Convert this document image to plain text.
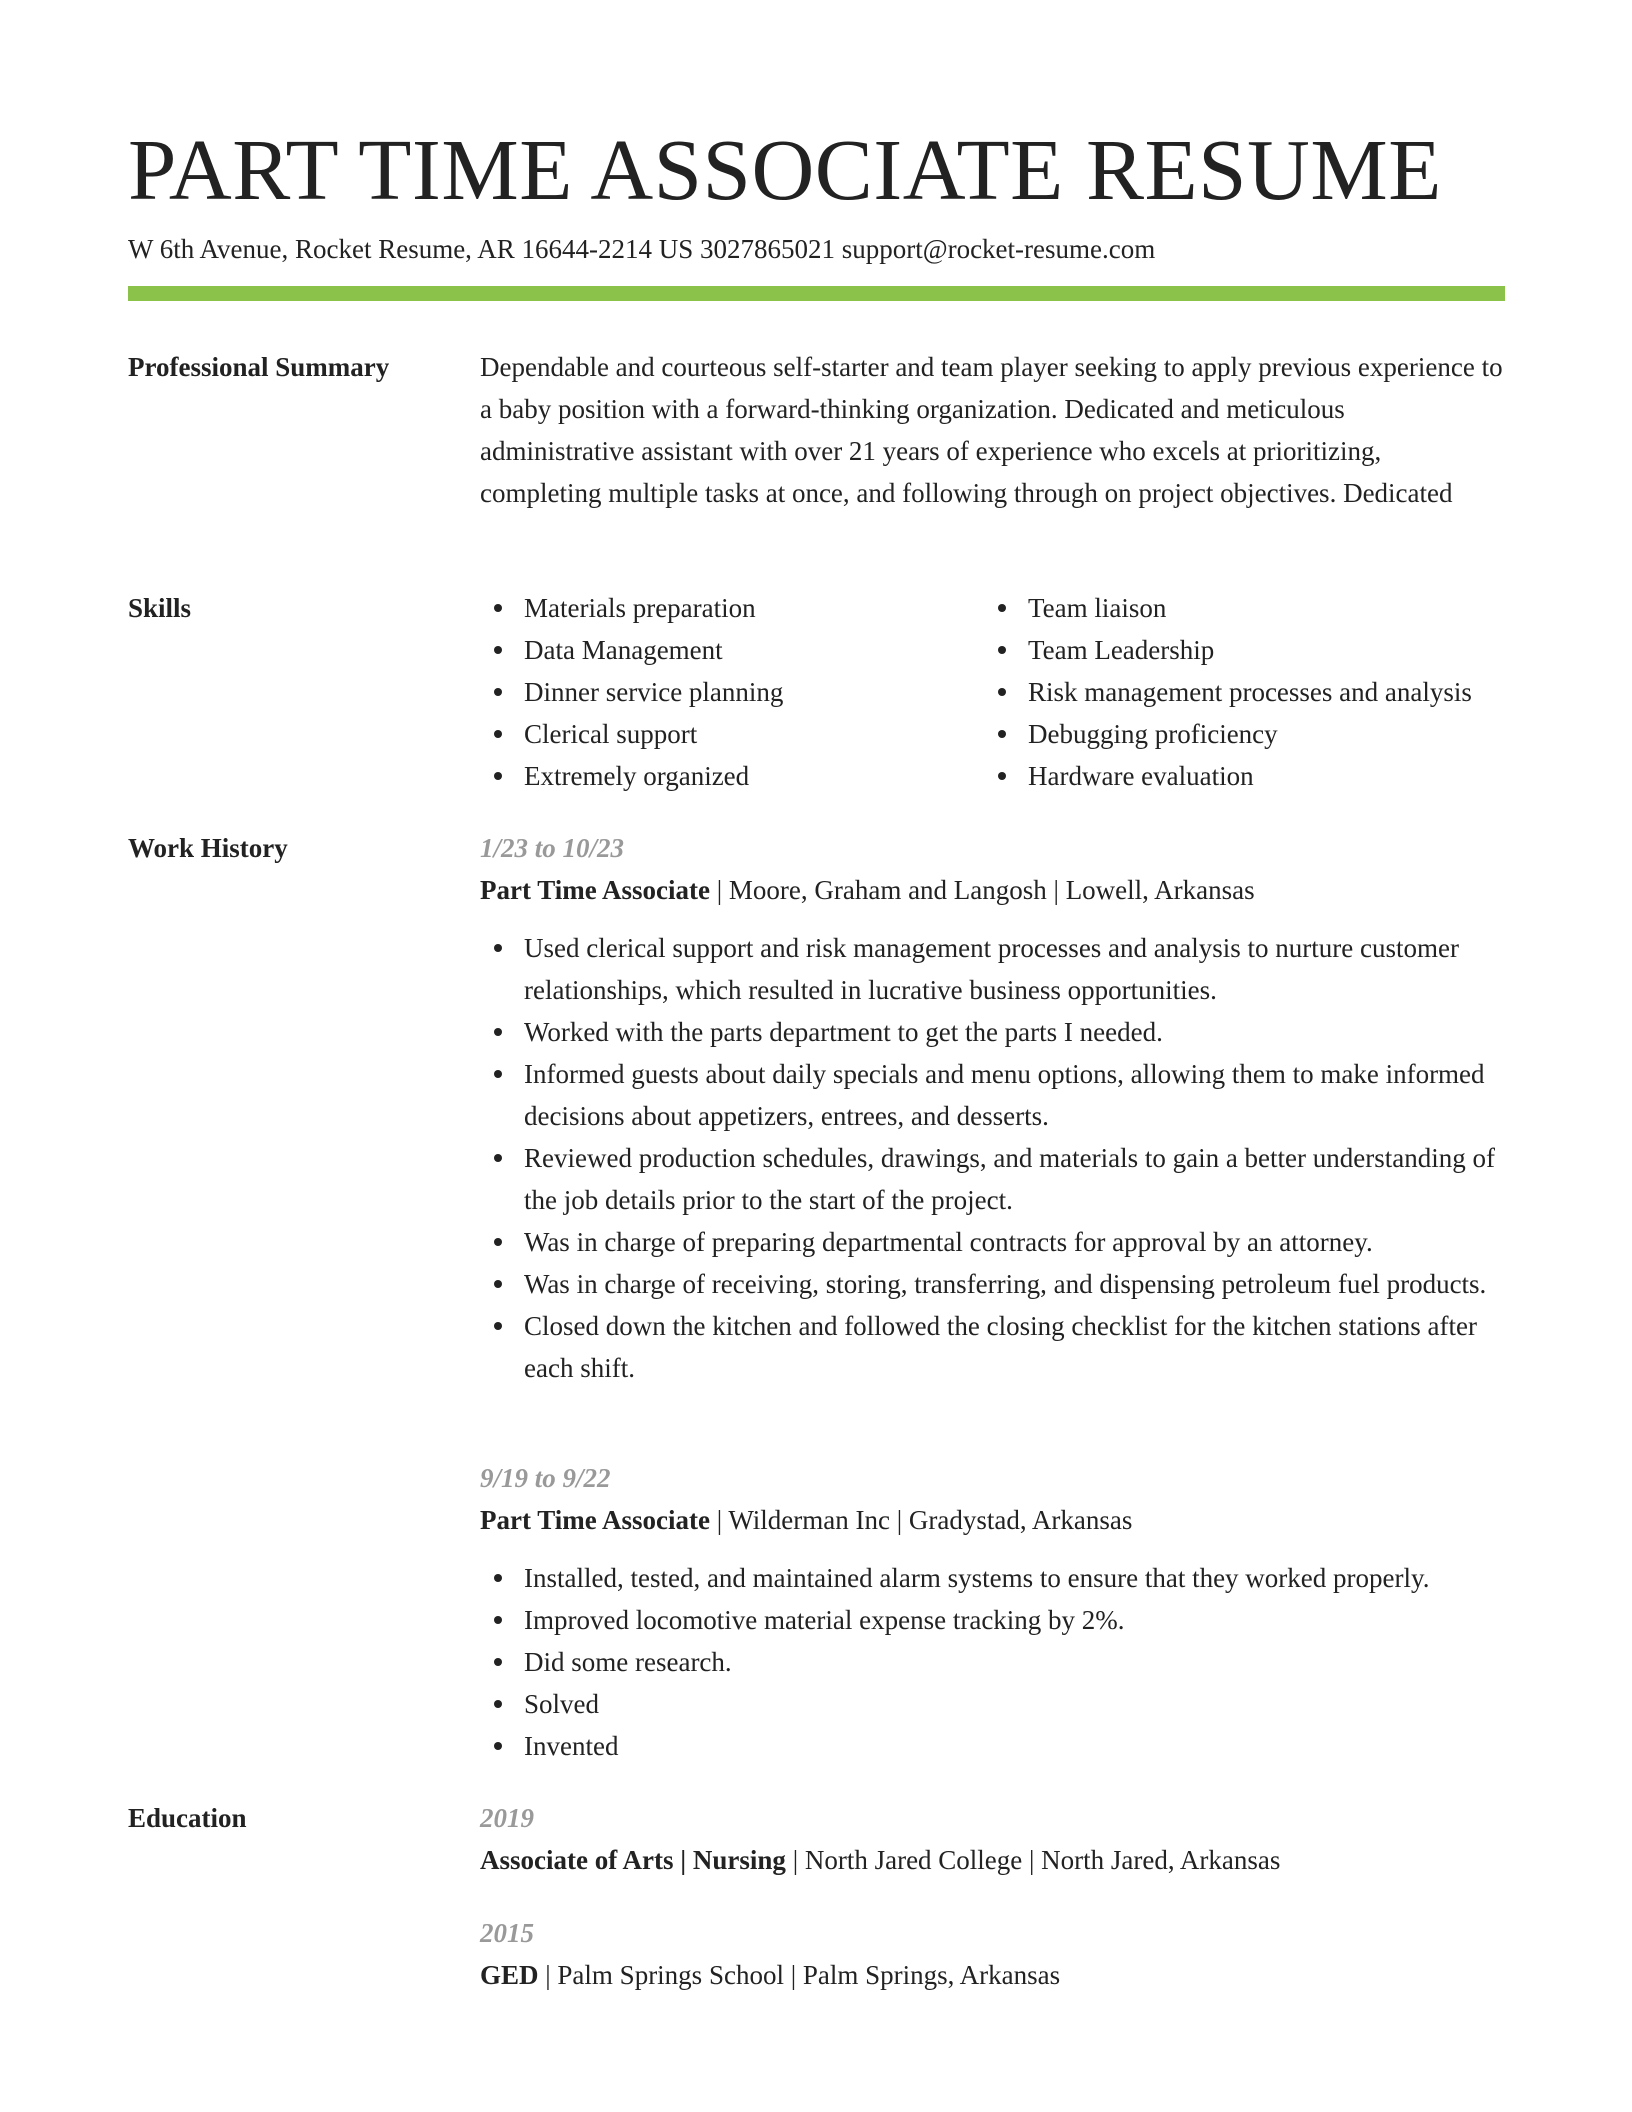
PART TIME ASSOCIATE RESUME
W 6th Avenue, Rocket Resume, AR 16644-2214 US 3027865021 support@rocket-resume.com
Professional Summary	Dependable and courteous self-starter and team player seeking to apply previous experience to a baby position with a forward-thinking organization. Dedicated and meticulous administrative assistant with over 21 years of experience who excels at prioritizing, completing multiple tasks at once, and following through on project objectives. Dedicated

Skills	Materials preparation
Data Management
Dinner service planning
Clerical support
Extremely organized
Team liaison
Team Leadership
Risk management processes and analysis
Debugging proficiency
Hardware evaluation
Work History	1/23 to 10/23

Part Time Associate | Moore, Graham and Langosh | Lowell, Arkansas

Used clerical support and risk management processes and analysis to nurture customer relationships, which resulted in lucrative business opportunities.
Worked with the parts department to get the parts I needed.
Informed guests about daily specials and menu options, allowing them to make informed decisions about appetizers, entrees, and desserts.
Reviewed production schedules, drawings, and materials to gain a better understanding of the job details prior to the start of the project.
Was in charge of preparing departmental contracts for approval by an attorney.
Was in charge of receiving, storing, transferring, and dispensing petroleum fuel products.
Closed down the kitchen and followed the closing checklist for the kitchen stations after each shift.

9/19 to 9/22

Part Time Associate | Wilderman Inc | Gradystad, Arkansas

Installed, tested, and maintained alarm systems to ensure that they worked properly.
Improved locomotive material expense tracking by 2%.
Did some research.
Solved
Invented
Education	2019

Associate of Arts | Nursing | North Jared College | North Jared, Arkansas

2015

GED | Palm Springs School | Palm Springs, Arkansas
